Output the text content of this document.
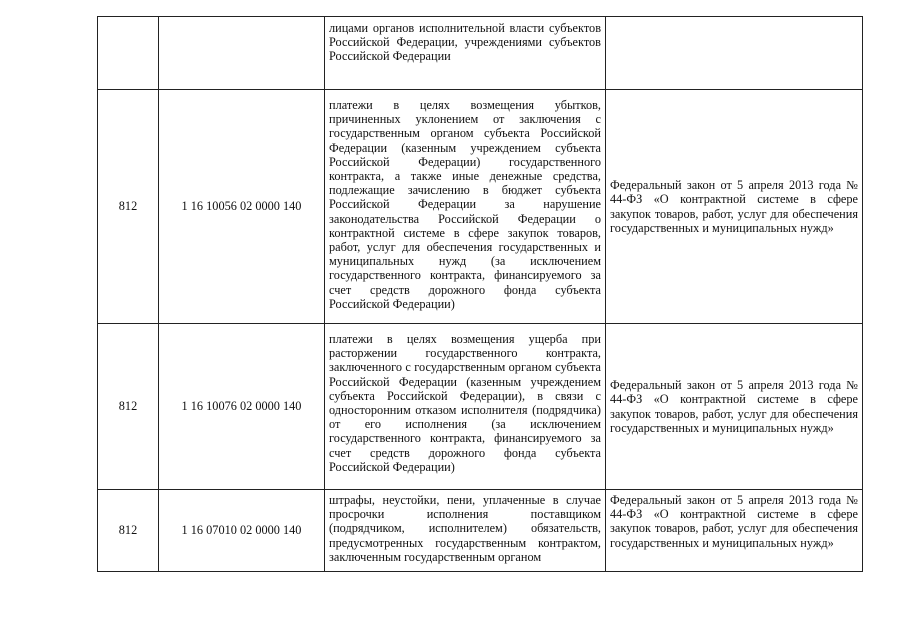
		лицами органов исполнительной власти субъектов Российской Федерации, учреждениями субъектов Российской Федерации	
812	1 16 10056 02 0000 140	платежи в целях возмещения убытков, причиненных уклонением от заключения с государственным органом субъекта Российской Федерации (казенным учреждением субъекта Российской Федерации) государственного контракта, а также иные денежные средства, подлежащие зачислению в бюджет субъекта Российской Федерации за нарушение законодательства Российской Федерации о контрактной системе в сфере закупок товаров, работ, услуг для обеспечения государственных и муниципальных нужд (за исключением государственного контракта, финансируемого за счет средств дорожного фонда субъекта Российской Федерации)	Федеральный закон от 5 апреля 2013 года № 44-ФЗ «О контрактной системе в сфере закупок товаров, работ, услуг для обеспечения государственных и муниципальных нужд»
812	1 16 10076 02 0000 140	платежи в целях возмещения ущерба при расторжении государственного контракта, заключенного с государственным органом субъекта Российской Федерации (казенным учреждением субъекта Российской Федерации), в связи с односторонним отказом исполнителя (подрядчика) от его исполнения (за исключением государственного контракта, финансируемого за счет средств дорожного фонда субъекта Российской Федерации)	Федеральный закон от 5 апреля 2013 года № 44-ФЗ «О контрактной системе в сфере закупок товаров, работ, услуг для обеспечения государственных и муниципальных нужд»
812	1 16 07010 02 0000 140	штрафы, неустойки, пени, уплаченные в случае просрочки исполнения поставщиком (подрядчиком, исполнителем) обязательств, предусмотренных государственным контрактом, заключенным государственным органом	Федеральный закон от 5 апреля 2013 года № 44-ФЗ «О контрактной системе в сфере закупок товаров, работ, услуг для обеспечения государственных и муниципальных нужд»
